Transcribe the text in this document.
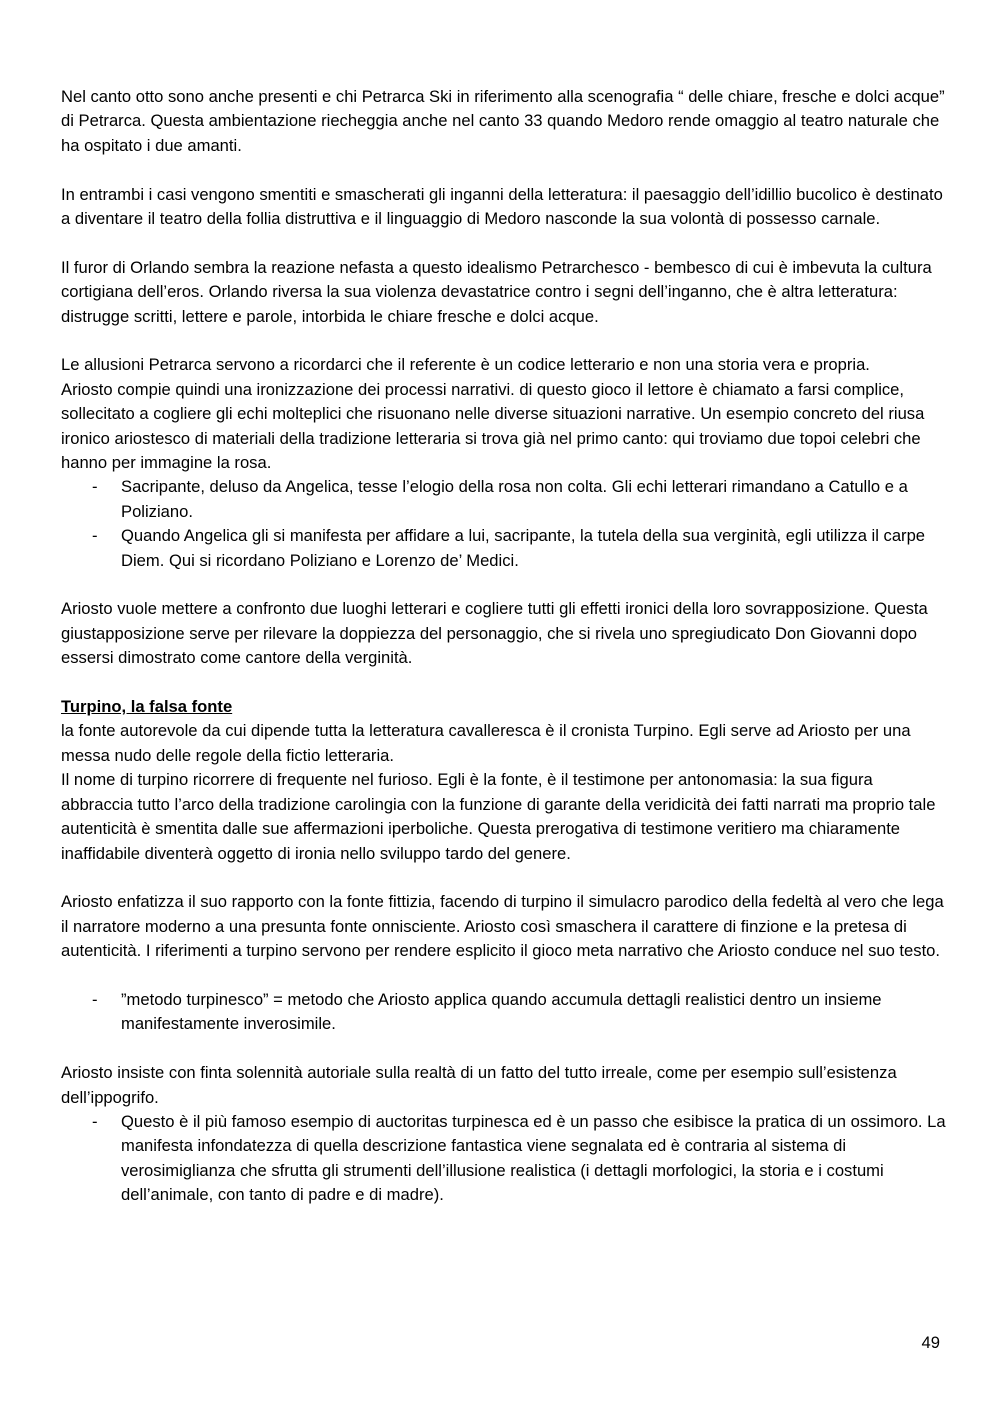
Nel canto otto sono anche presenti e chi Petrarca Ski in riferimento alla scenografia “ delle chiare, fresche e dolci acque” di Petrarca. Questa ambientazione riecheggia anche nel canto 33 quando Medoro rende omaggio al teatro naturale che ha ospitato i due amanti.

In entrambi i casi vengono smentiti e smascherati gli inganni della letteratura: il paesaggio dell’idillio bucolico è destinato a diventare il teatro della follia distruttiva e il linguaggio di Medoro nasconde la sua volontà di possesso carnale.

Il furor di Orlando sembra la reazione nefasta a questo idealismo Petrarchesco - bembesco di cui è imbevuta la cultura cortigiana dell’eros. Orlando riversa la sua violenza devastatrice contro i segni dell’inganno, che è altra letteratura: distrugge scritti, lettere e parole, intorbida le chiare fresche e dolci acque.

Le allusioni Petrarca servono a ricordarci che il referente è un codice letterario e non una storia vera e propria.

Ariosto compie quindi una ironizzazione dei processi narrativi. di questo gioco il lettore è chiamato a farsi complice, sollecitato a cogliere gli echi molteplici che risuonano nelle diverse situazioni narrative. Un esempio concreto del riusa ironico ariostesco di materiali della tradizione letteraria si trova già nel primo canto: qui troviamo due topoi celebri che hanno per immagine la rosa.

- Sacripante, deluso da Angelica, tesse l’elogio della rosa non colta. Gli echi letterari rimandano a Catullo e a Poliziano.
- Quando Angelica gli si manifesta per affidare a lui, sacripante, la tutela della sua verginità, egli utilizza il carpe Diem. Qui si ricordano Poliziano e Lorenzo de’ Medici.

Ariosto vuole mettere a confronto due luoghi letterari e cogliere tutti gli effetti ironici della loro sovrapposizione. Questa giustapposizione serve per rilevare la doppiezza del personaggio, che si rivela uno spregiudicato Don Giovanni dopo essersi dimostrato come cantore della verginità.

Turpino, la falsa fonte

la fonte autorevole da cui dipende tutta la letteratura cavalleresca è il cronista Turpino. Egli serve ad Ariosto per una messa nudo delle regole della fictio letteraria.

Il nome di turpino ricorrere di frequente nel furioso. Egli è la fonte, è il testimone per antonomasia: la sua figura abbraccia tutto l’arco della tradizione carolingia con la funzione di garante della veridicità dei fatti narrati ma proprio tale autenticità è smentita dalle sue affermazioni iperboliche. Questa prerogativa di testimone veritiero ma chiaramente inaffidabile diventerà oggetto di ironia nello sviluppo tardo del genere.

Ariosto enfatizza il suo rapporto con la fonte fittizia, facendo di turpino il simulacro parodico della fedeltà al vero che lega il narratore moderno a una presunta fonte onnisciente. Ariosto così smaschera il carattere di finzione e la pretesa di autenticità. I riferimenti a turpino servono per rendere esplicito il gioco meta narrativo che Ariosto conduce nel suo testo.

- ”metodo turpinesco” = metodo che Ariosto applica quando accumula dettagli realistici dentro un insieme manifestamente inverosimile.

Ariosto insiste con finta solennità autoriale sulla realtà di un fatto del tutto irreale, come per esempio sull’esistenza dell’ippogrifo.

- Questo è il più famoso esempio di auctoritas turpinesca ed è un passo che esibisce la pratica di un ossimoro. La manifesta infondatezza di quella descrizione fantastica viene segnalata ed è contraria al sistema di verosimiglianza che sfrutta gli strumenti dell’illusione realistica (i dettagli morfologici, la storia e i costumi dell’animale, con tanto di padre e di madre).
49
